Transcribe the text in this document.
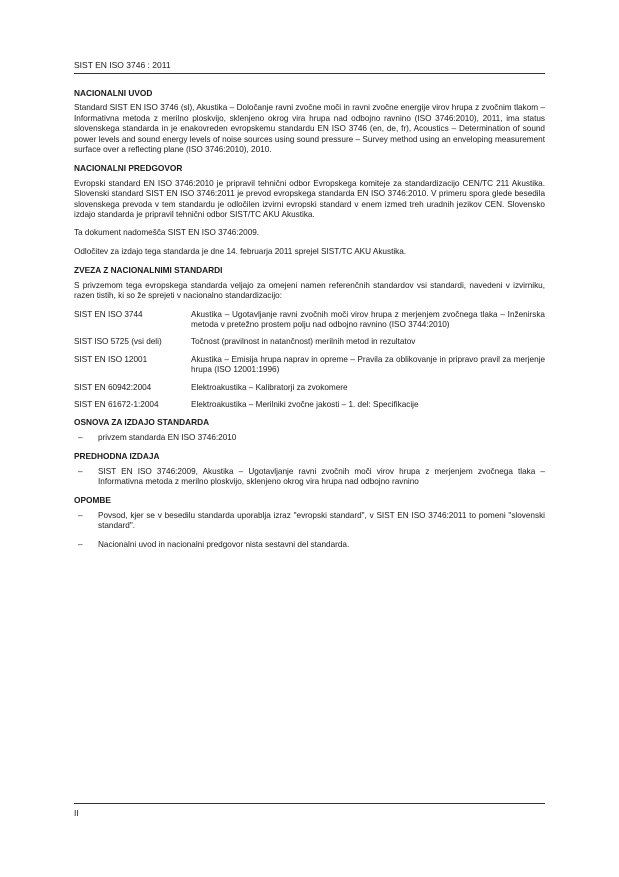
SIST EN ISO 3746 : 2011
NACIONALNI UVOD

Standard SIST EN ISO 3746 (sl), Akustika – Določanje ravni zvočne moči in ravni zvočne energije virov hrupa z zvočnim tlakom – Informativna metoda z merilno ploskvijo, sklenjeno okrog vira hrupa nad odbojno ravnino (ISO 3746:2010), 2011, ima status slovenskega standarda in je enakovreden evropskemu standardu EN ISO 3746 (en, de, fr), Acoustics – Determination of sound power levels and sound energy levels of noise sources using sound pressure – Survey method using an enveloping measurement surface over a reflecting plane (ISO 3746:2010), 2010.

NACIONALNI PREDGOVOR

Evropski standard EN ISO 3746:2010 je pripravil tehnični odbor Evropskega komiteje za standardizacijo CEN/TC 211 Akustika. Slovenski standard SIST EN ISO 3746:2011 je prevod evropskega standarda EN ISO 3746:2010. V primeru spora glede besedila slovenskega prevoda v tem standardu je odločilen izvirni evropski standard v enem izmed treh uradnih jezikov CEN. Slovensko izdajo standarda je pripravil tehnični odbor SIST/TC AKU Akustika.

Ta dokument nadomešča SIST EN ISO 3746:2009.

Odločitev za izdajo tega standarda je dne 14. februarja 2011 sprejel SIST/TC AKU Akustika.

ZVEZA Z NACIONALNIMI STANDARDI

S privzemom tega evropskega standarda veljajo za omejeni namen referenčnih standardov vsi standardi, navedeni v izvirniku, razen tistih, ki so že sprejeti v nacionalno standardizacijo:

SIST EN ISO 3744	Akustika – Ugotavljanje ravni zvočnih moči virov hrupa z merjenjem zvočnega tlaka – Inženirska metoda v pretežno prostem polju nad odbojno ravnino (ISO 3744:2010)
SIST ISO 5725 (vsi deli)	Točnost (pravilnost in natančnost) merilnih metod in rezultatov
SIST EN ISO 12001	Akustika – Emisija hrupa naprav in opreme – Pravila za oblikovanje in pripravo pravil za merjenje hrupa (ISO 12001:1996)
SIST EN 60942:2004	Elektroakustika – Kalibratorji za zvokomere
SIST EN 61672-1:2004	Elektroakustika – Merilniki zvočne jakosti – 1. del: Specifikacije
OSNOVA ZA IZDAJO STANDARDA
– privzem standarda EN ISO 3746:2010
PREDHODNA IZDAJA
– SIST EN ISO 3746:2009, Akustika – Ugotavljanje ravni zvočnih moči virov hrupa z merjenjem zvočnega tlaka – Informativna metoda z merilno ploskvijo, sklenjeno okrog vira hrupa nad odbojno ravnino
OPOMBE
– Povsod, kjer se v besedilu standarda uporablja izraz "evropski standard", v SIST EN ISO 3746:2011 to pomeni "slovenski standard".
– Nacionalni uvod in nacionalni predgovor nista sestavni del standarda.
II
